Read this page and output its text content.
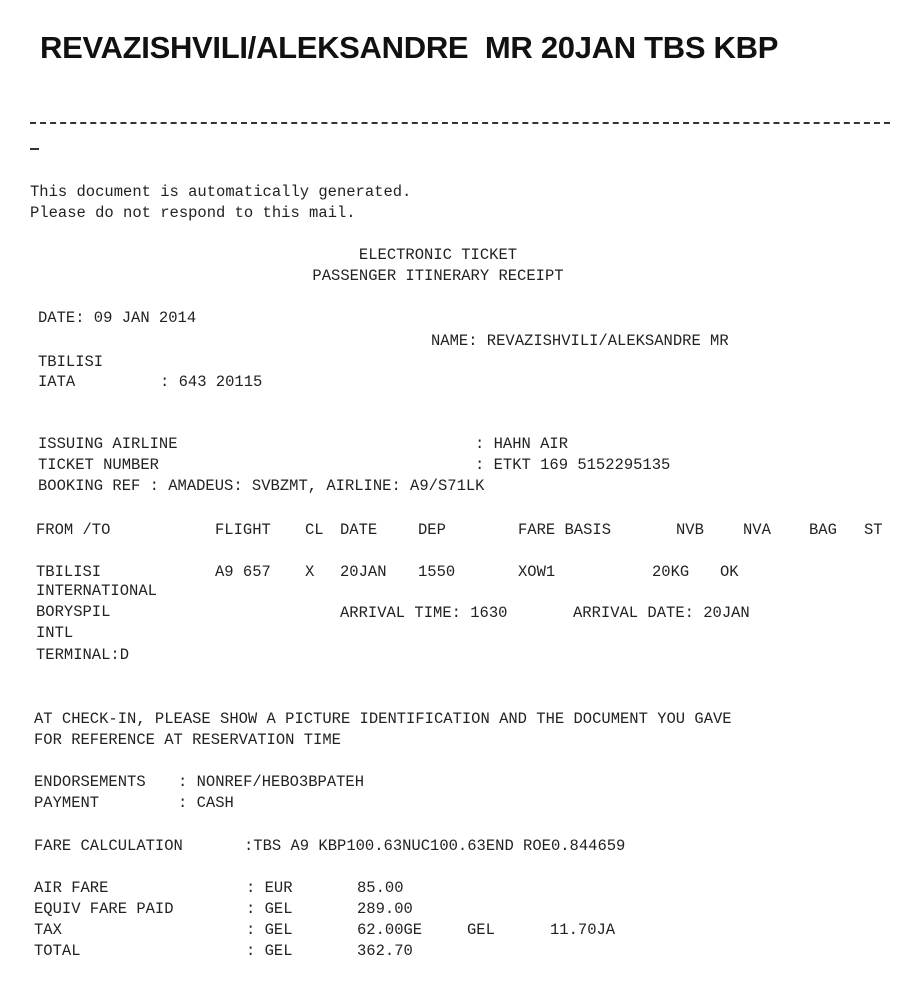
REVAZISHVILI/ALEKSANDRE  MR 20JAN TBS KBP
This document is automatically generated.
Please do not respond to this mail.
ELECTRONIC TICKET
PASSENGER ITINERARY RECEIPT
DATE: 09 JAN 2014
NAME: REVAZISHVILI/ALEKSANDRE MR
TBILISI
IATA	: 643 20115
ISSUING AIRLINE	: HAHN AIR
TICKET NUMBER	: ETKT 169 5152295135
BOOKING REF : AMADEUS: SVBZMT, AIRLINE: A9/S71LK
FROM /TO	FLIGHT CL DATE	DEP	FARE BASIS	NVB	NVA BAG ST
TBILISI
INTERNATIONAL
A9 657 X 20JAN 1550	XOW1	20KG OK
BORYSPIL
INTL
TERMINAL:D
ARRIVAL TIME: 1630	ARRIVAL DATE: 20JAN
AT CHECK-IN, PLEASE SHOW A PICTURE IDENTIFICATION AND THE DOCUMENT YOU GAVE
FOR REFERENCE AT RESERVATION TIME
ENDORSEMENTS : NONREF/HEBO3BPATEH
PAYMENT	: CASH
FARE CALCULATION	:TBS A9 KBP100.63NUC100.63END ROE0.844659
AIR FARE	: EUR	85.00
EQUIV FARE PAID	: GEL	289.00
TAX	: GEL	62.00GE	GEL	11.70JA
TOTAL	: GEL	362.70
